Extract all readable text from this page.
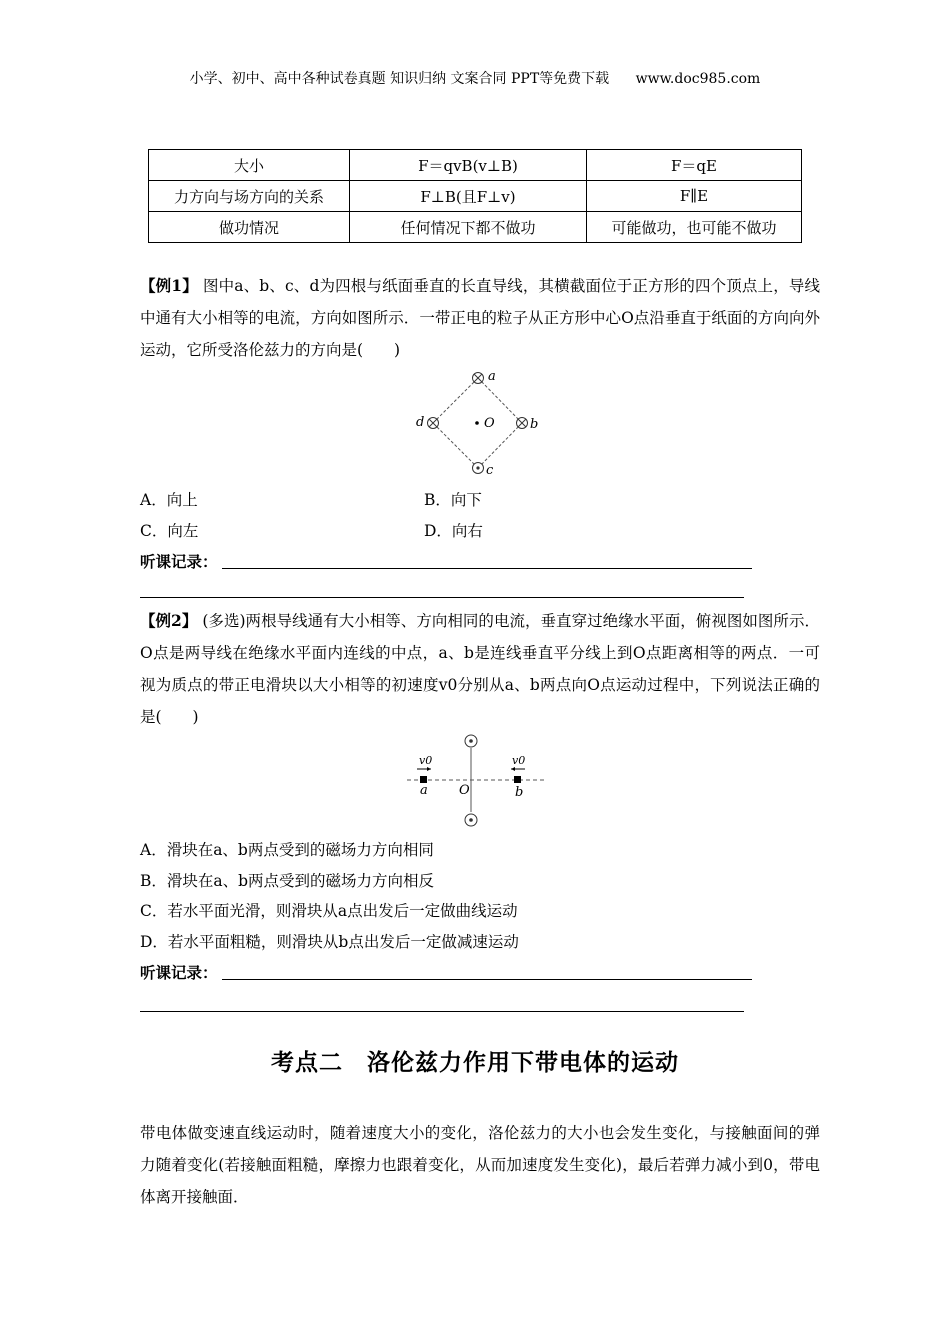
小学、初中、高中各种试卷真题 知识归纳 文案合同 PPT等免费下载 www.doc985.com
大小	F＝qvB(v⊥B)	F＝qE
力方向与场方向的关系	F⊥B(且F⊥v)	F∥E
做功情况	任何情况下都不做功	可能做功，也可能不做功
【例1】 图中a、b、c、d为四根与纸面垂直的长直导线，其横截面位于正方形的四个顶点上，导线中通有大小相等的电流，方向如图所示．一带正电的粒子从正方形中心O点沿垂直于纸面的方向向外运动，它所受洛伦兹力的方向是(　　)
a
b
d
c
O
A．向上	B．向下
C．向左	D．向右
听课记录：
【例2】 (多选)两根导线通有大小相等、方向相同的电流，垂直穿过绝缘水平面，俯视图如图所示．O点是两导线在绝缘水平面内连线的中点，a、b是连线垂直平分线上到O点距离相等的两点．一可视为质点的带正电滑块以大小相等的初速度v0分别从a、b两点向O点运动过程中，下列说法正确的是(　　)
v0
a O
v0
b
A．滑块在a、b两点受到的磁场力方向相同
B．滑块在a、b两点受到的磁场力方向相反
C．若水平面光滑，则滑块从a点出发后一定做曲线运动
D．若水平面粗糙，则滑块从b点出发后一定做减速运动
听课记录：
考点二　洛伦兹力作用下带电体的运动
带电体做变速直线运动时，随着速度大小的变化，洛伦兹力的大小也会发生变化，与接触面间的弹力随着变化(若接触面粗糙，摩擦力也跟着变化，从而加速度发生变化)，最后若弹力减小到0，带电体离开接触面．
